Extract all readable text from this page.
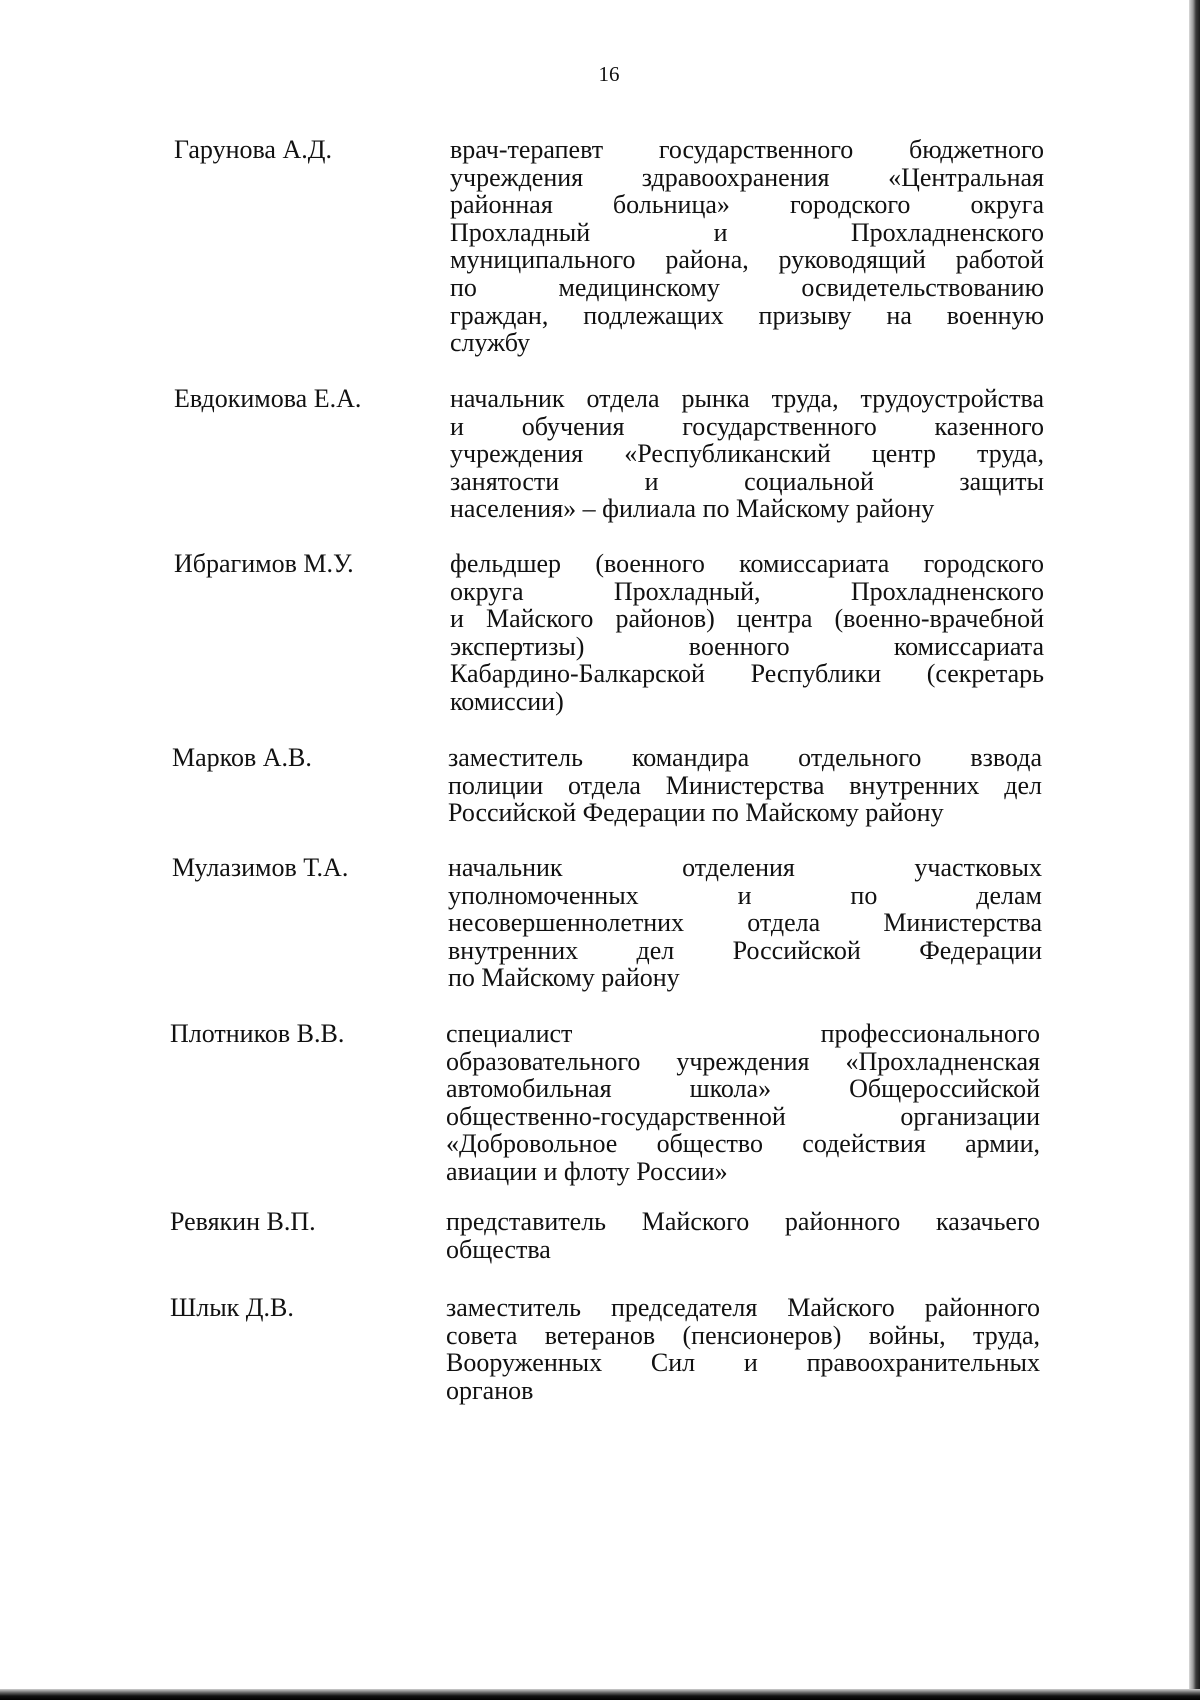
16
Гарунова А.Д.	врач-терапевт государственного бюджетного
учреждения здравоохранения «Центральная
районная больница» городского округа
Прохладный и Прохладненского
муниципального района, руководящий работой
по медицинскому освидетельствованию
граждан, подлежащих призыву на военную
службу
Евдокимова Е.А.	начальник отдела рынка труда, трудоустройства
и обучения государственного казенного
учреждения «Республиканский центр труда,
занятости и социальной защиты
населения» – филиала по Майскому району
Ибрагимов М.У.	фельдшер (военного комиссариата городского
округа Прохладный, Прохладненского
и Майского районов) центра (военно-врачебной
экспертизы) военного комиссариата
Кабардино-Балкарской Республики (секретарь
комиссии)
Марков А.В.	заместитель командира отдельного взвода
полиции отдела Министерства внутренних дел
Российской Федерации по Майскому району
Мулазимов Т.А.	начальник отделения участковых
уполномоченных и по делам
несовершеннолетних отдела Министерства
внутренних дел Российской Федерации
по Майскому району
Плотников В.В.	специалист профессионального
образовательного учреждения «Прохладненская
автомобильная школа» Общероссийской
общественно-государственной организации
«Добровольное общество содействия армии,
авиации и флоту России»
Ревякин В.П.	представитель Майского районного казачьего
общества
Шлык Д.В.	заместитель председателя Майского районного
совета ветеранов (пенсионеров) войны, труда,
Вооруженных Сил и правоохранительных
органов
